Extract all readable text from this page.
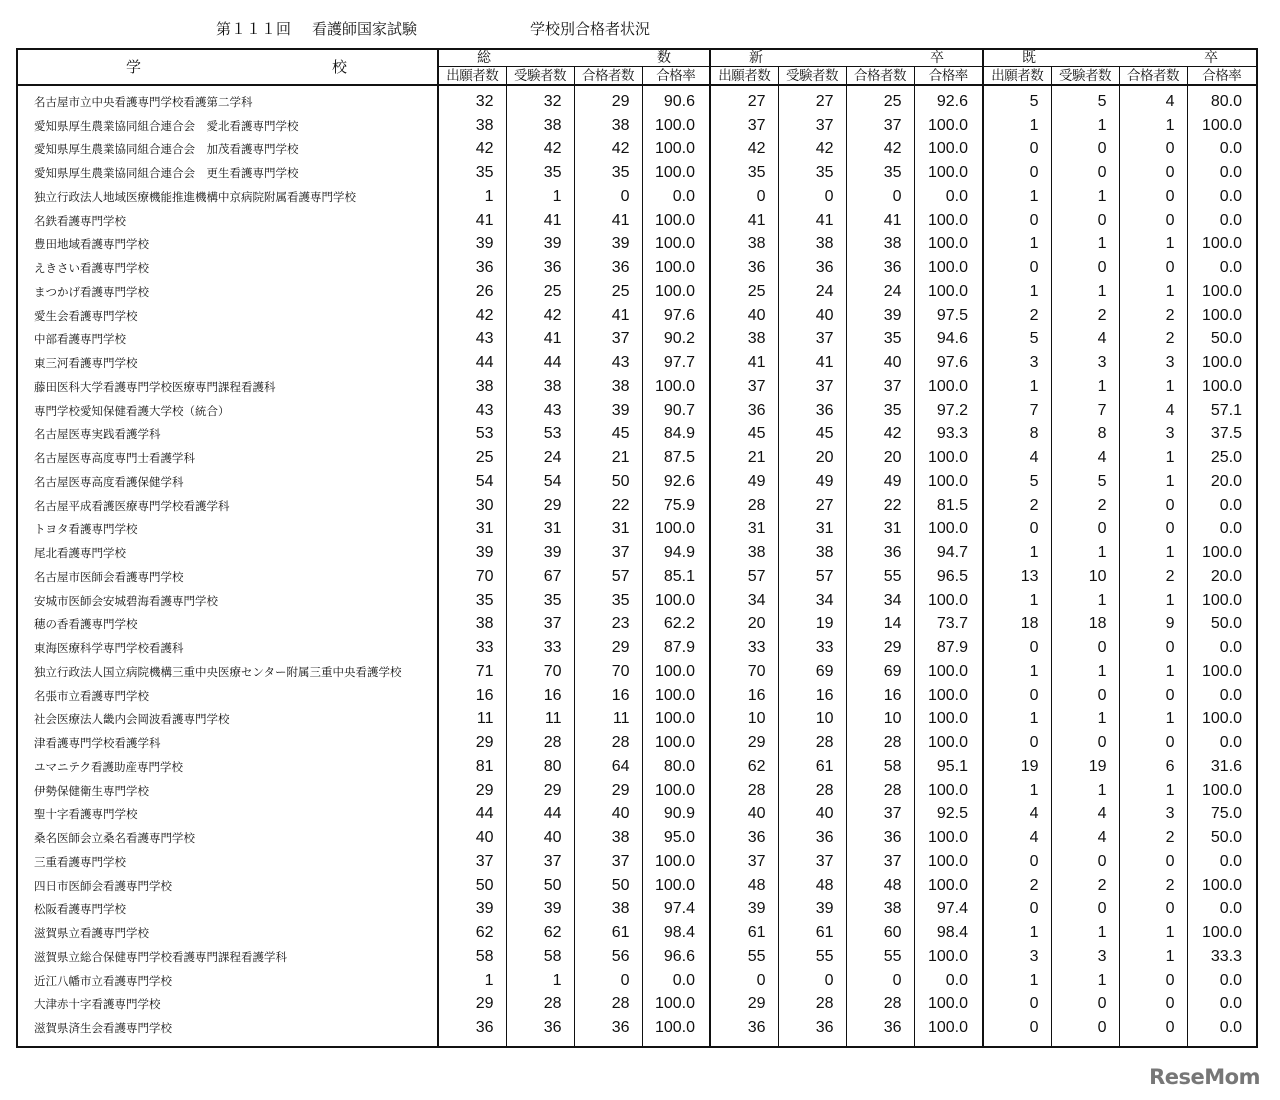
第１１１回 看護師国家試験	学校別合格者状況
学 校	総 数				新 卒				既 卒			

	出願者数	受験者数	合格者数	合格率	出願者数	受験者数	合格者数	合格率	出願者数	受験者数	合格者数	合格率
名古屋市立中央看護専門学校看護第二学科	32	32	29	90.6	27	27	25	92.6	5	5	4	80.0
愛知県厚生農業協同組合連合会　愛北看護専門学校	38	38	38	100.0	37	37	37	100.0	1	1	1	100.0
愛知県厚生農業協同組合連合会　加茂看護専門学校	42	42	42	100.0	42	42	42	100.0	0	0	0	0.0
愛知県厚生農業協同組合連合会　更生看護専門学校	35	35	35	100.0	35	35	35	100.0	0	0	0	0.0
独立行政法人地域医療機能推進機構中京病院附属看護専門学校	1	1	0	0.0	0	0	0	0.0	1	1	0	0.0
名鉄看護専門学校	41	41	41	100.0	41	41	41	100.0	0	0	0	0.0
豊田地域看護専門学校	39	39	39	100.0	38	38	38	100.0	1	1	1	100.0
えきさい看護専門学校	36	36	36	100.0	36	36	36	100.0	0	0	0	0.0
まつかげ看護専門学校	26	25	25	100.0	25	24	24	100.0	1	1	1	100.0
愛生会看護専門学校	42	42	41	97.6	40	40	39	97.5	2	2	2	100.0
中部看護専門学校	43	41	37	90.2	38	37	35	94.6	5	4	2	50.0
東三河看護専門学校	44	44	43	97.7	41	41	40	97.6	3	3	3	100.0
藤田医科大学看護専門学校医療専門課程看護科	38	38	38	100.0	37	37	37	100.0	1	1	1	100.0
専門学校愛知保健看護大学校（統合）	43	43	39	90.7	36	36	35	97.2	7	7	4	57.1
名古屋医専実践看護学科	53	53	45	84.9	45	45	42	93.3	8	8	3	37.5
名古屋医専高度専門士看護学科	25	24	21	87.5	21	20	20	100.0	4	4	1	25.0
名古屋医専高度看護保健学科	54	54	50	92.6	49	49	49	100.0	5	5	1	20.0
名古屋平成看護医療専門学校看護学科	30	29	22	75.9	28	27	22	81.5	2	2	0	0.0
トヨタ看護専門学校	31	31	31	100.0	31	31	31	100.0	0	0	0	0.0
尾北看護専門学校	39	39	37	94.9	38	38	36	94.7	1	1	1	100.0
名古屋市医師会看護専門学校	70	67	57	85.1	57	57	55	96.5	13	10	2	20.0
安城市医師会安城碧海看護専門学校	35	35	35	100.0	34	34	34	100.0	1	1	1	100.0
穂の香看護専門学校	38	37	23	62.2	20	19	14	73.7	18	18	9	50.0
東海医療科学専門学校看護科	33	33	29	87.9	33	33	29	87.9	0	0	0	0.0
独立行政法人国立病院機構三重中央医療センター附属三重中央看護学校	71	70	70	100.0	70	69	69	100.0	1	1	1	100.0
名張市立看護専門学校	16	16	16	100.0	16	16	16	100.0	0	0	0	0.0
社会医療法人畿内会岡波看護専門学校	11	11	11	100.0	10	10	10	100.0	1	1	1	100.0
津看護専門学校看護学科	29	28	28	100.0	29	28	28	100.0	0	0	0	0.0
ユマニテク看護助産専門学校	81	80	64	80.0	62	61	58	95.1	19	19	6	31.6
伊勢保健衛生専門学校	29	29	29	100.0	28	28	28	100.0	1	1	1	100.0
聖十字看護専門学校	44	44	40	90.9	40	40	37	92.5	4	4	3	75.0
桑名医師会立桑名看護専門学校	40	40	38	95.0	36	36	36	100.0	4	4	2	50.0
三重看護専門学校	37	37	37	100.0	37	37	37	100.0	0	0	0	0.0
四日市医師会看護専門学校	50	50	50	100.0	48	48	48	100.0	2	2	2	100.0
松阪看護専門学校	39	39	38	97.4	39	39	38	97.4	0	0	0	0.0
滋賀県立看護専門学校	62	62	61	98.4	61	61	60	98.4	1	1	1	100.0
滋賀県立総合保健専門学校看護専門課程看護学科	58	58	56	96.6	55	55	55	100.0	3	3	1	33.3
近江八幡市立看護専門学校	1	1	0	0.0	0	0	0	0.0	1	1	0	0.0
大津赤十字看護専門学校	29	28	28	100.0	29	28	28	100.0	0	0	0	0.0
滋賀県済生会看護専門学校	36	36	36	100.0	36	36	36	100.0	0	0	0	0.0
ReseMom
